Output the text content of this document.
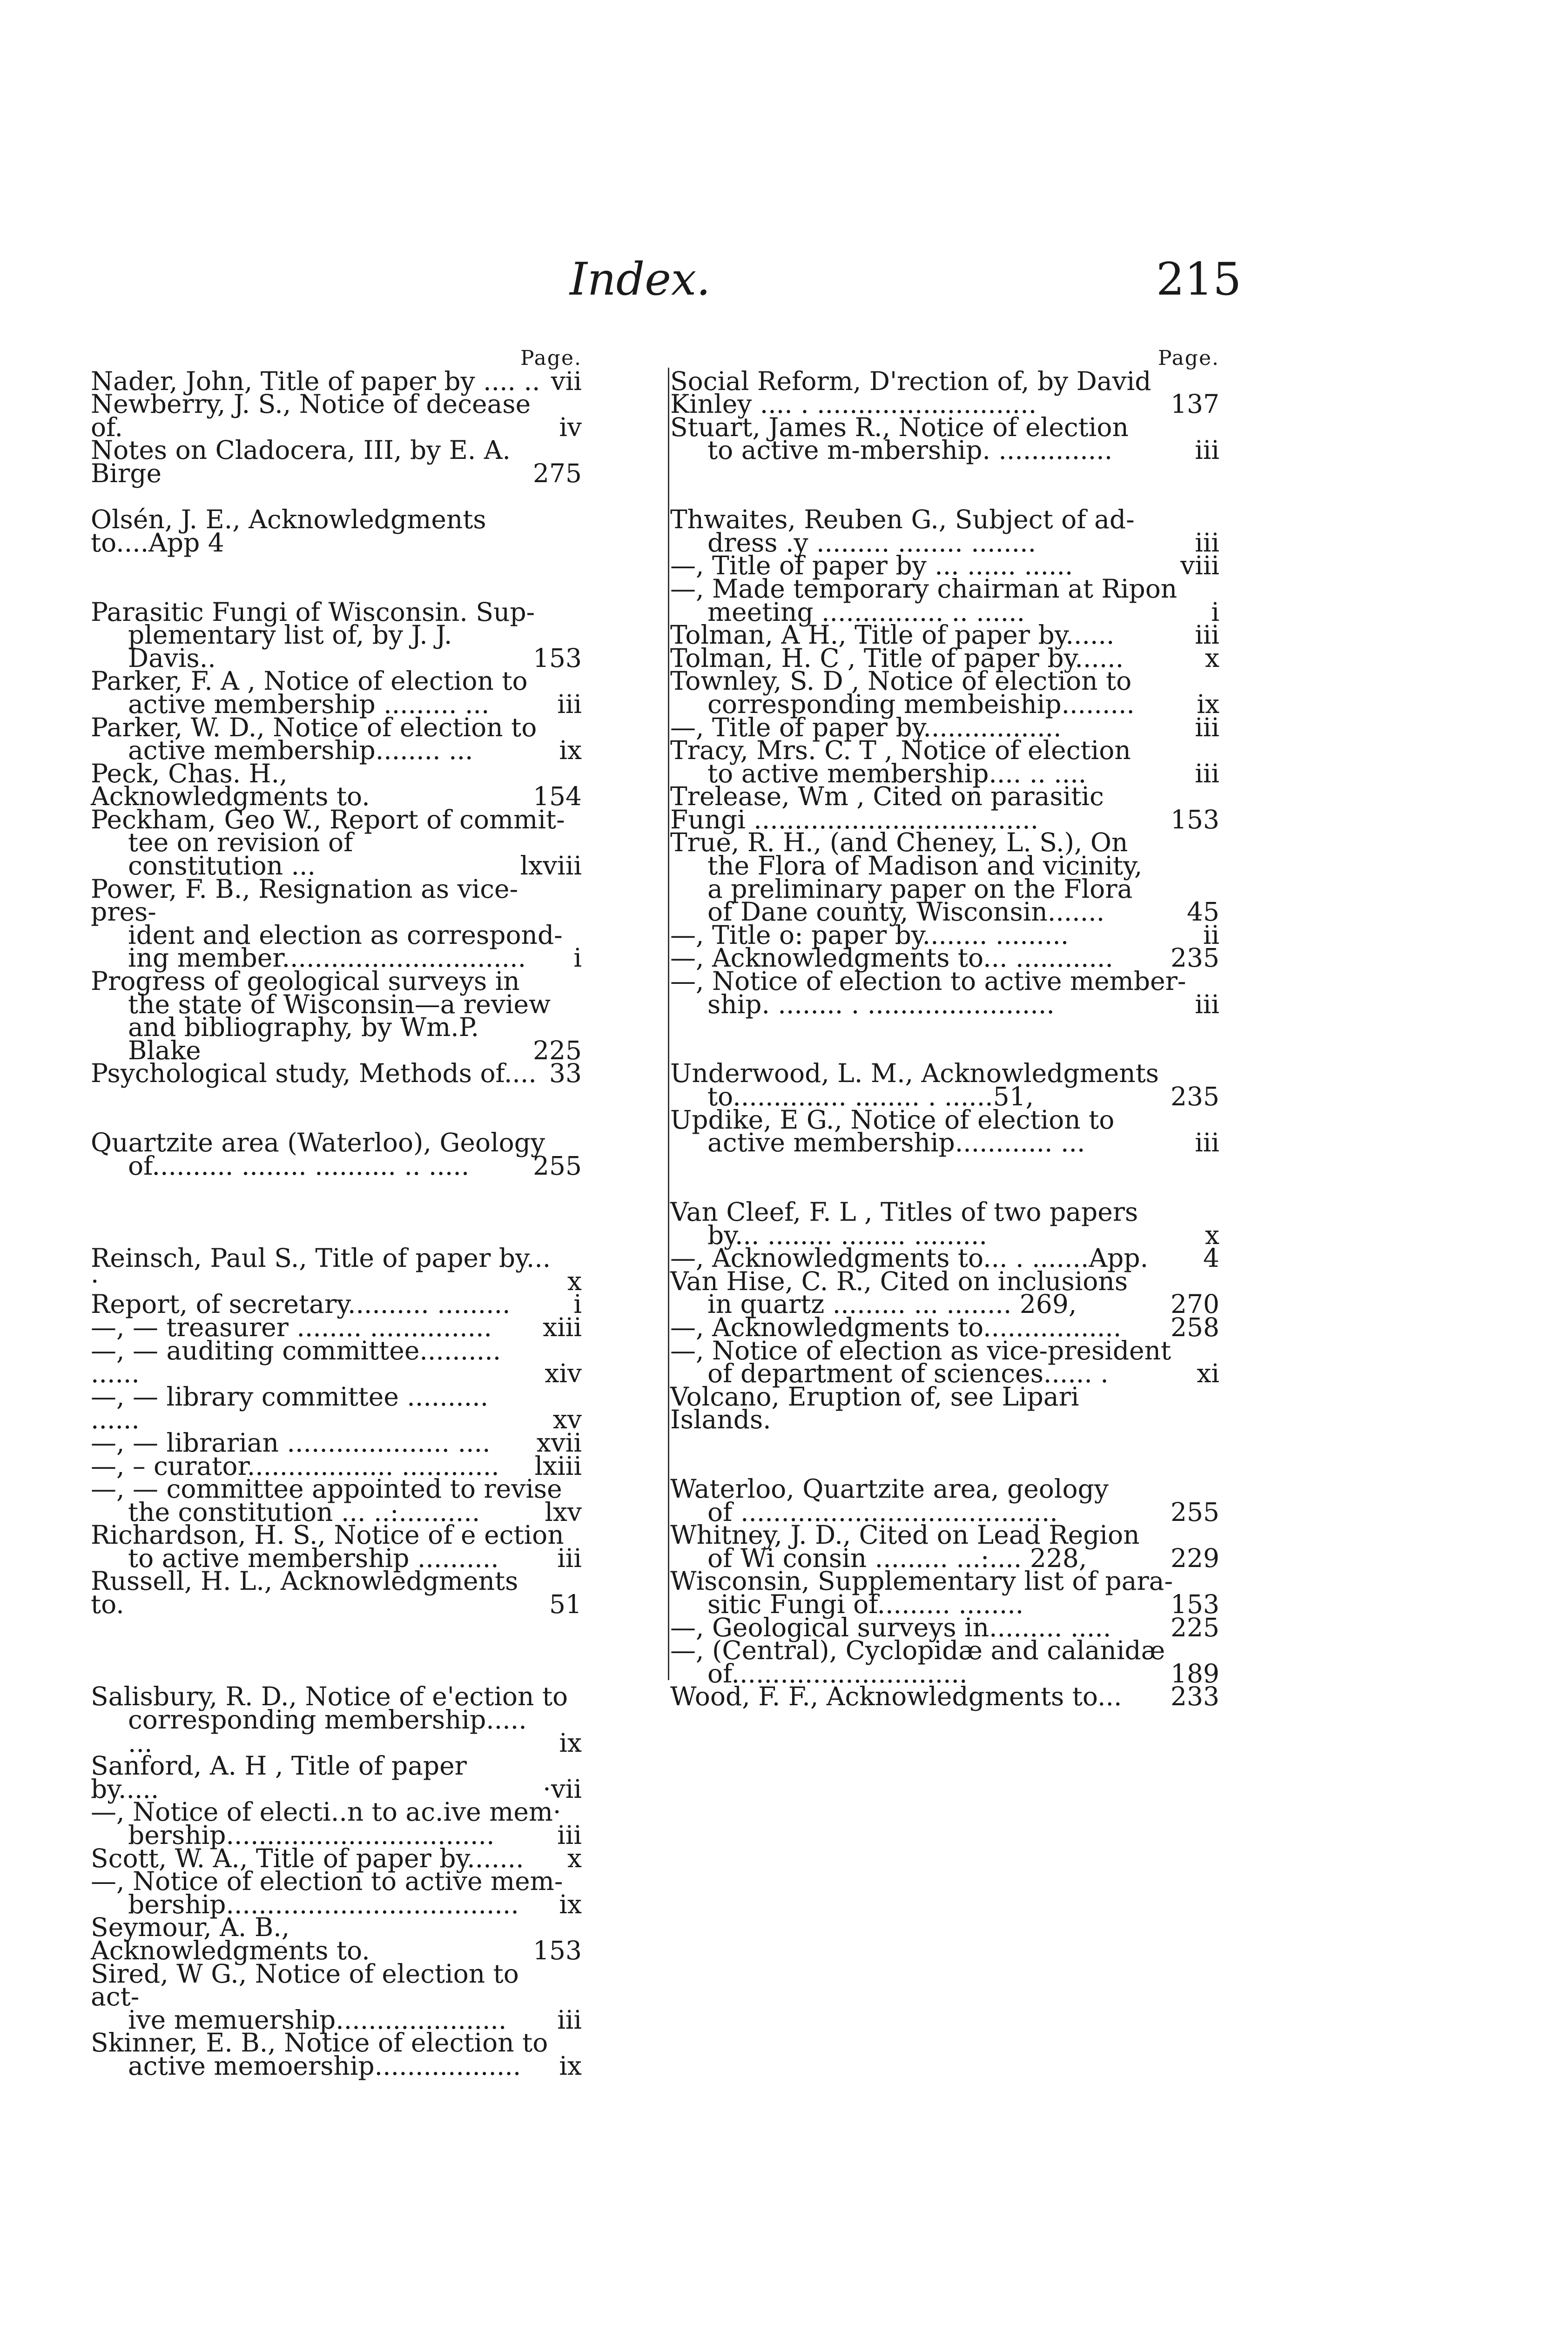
Index.	215
Page.
Nader, John, Title of paper by .... .. vii
Newberry, J. S., Notice of decease of.	iv
Notes on Cladocera, III, by E. A. Birge	275
Olsén, J. E., Acknowledgments to....App 4
Parasitic Fungi of Wisconsin. Sup-
plementary list of, by J. J. Davis..	153
Parker, F. A , Notice of election to
active membership ......... ...	iii
Parker, W. D., Notice of election to
active membership........ ...	ix
Peck, Chas. H., Acknowledgments to.	154
Peckham, Geo W., Report of commit-
tee on revision of constitution ...	lxviii
Power, F. B., Resignation as vice-pres-
ident and election as correspond-
ing member..............................	i
Progress of geological surveys in
the state of Wisconsin—a review
and bibliography, by Wm.P. Blake	225
Psychological study, Methods of.... 33
Quartzite area (Waterloo), Geology
of.......... ........ .......... .. .....	255
Reinsch, Paul S., Title of paper by... ·	x
Report, of secretary.......... .........	i
—, — treasurer ........ ...............	xiii
—, — auditing committee.......... ......	xiv
—, — library committee ..........  ......	xv
—, — librarian .................... ....	xvii
—, – curator.................. ............	lxiii
—, — committee appointed to revise
the constitution ... ..:..........	lxv
Richardson, H. S., Notice of e ection
to active membership ..........	iii
Russell, H. L., Acknowledgments to.	51
Salisbury, R. D., Notice of e'ection to
corresponding membership..... ...	ix
Sanford, A. H , Title of paper by.....	·vii
—, Notice of electi..n to ac.ive mem·
bership.................................	iii
Scott, W. A., Title of paper by.......	x
—, Notice of election to active mem-
bership....................................	ix
Seymour, A. B., Acknowledgments to.	153
Sired, W G., Notice of election to act-
ive memuership.....................	iii
Skinner, E. B., Notice of election to
active memoership..................	ix
Page.
Social Reform, D'rection of, by David
Kinley .... . ...........................	137
Stuart, James R., Notice of election
to active m-mbership. ..............	iii
Thwaites, Reuben G., Subject of ad-
dress .y ......... ........ ........	iii
—, Title of paper by ... ...... ......	viii
—, Made temporary chairman at Ripon
meeting ............... .. ......	i
Tolman, A H., Title of paper by......	iii
Tolman, H. C , Title of paper by......	x
Townley, S. D , Notice of election to
corresponding membeiship.........	ix
—, Title of paper by.................	iii
Tracy, Mrs. C. T , Notice of election
to active membership.... .. ....	iii
Trelease, Wm , Cited on parasitic
Fungi ...................................	153
True, R. H., (and Cheney, L. S.), On
the Flora of Madison and vicinity,
a preliminary paper on the Flora
of Dane county, Wisconsin.......	45
—, Title o: paper by........ .........	ii
—, Acknowledgments to... ............	235
—, Notice of election to active member-
ship. ........ . .......................	iii
Underwood, L. M., Acknowledgments
to.............. ........ . ......51,	235
Updike, E G., Notice of election to
active membership............ ...	iii
Van Cleef, F. L , Titles of two papers
by... ........ ........ .........	x
—, Acknowledgments to... . .......App.	4
Van Hise, C. R., Cited on inclusions
in quartz ......... ... ........ 269,	270
—, Acknowledgments to.................	258
—, Notice of election as vice-president
of department of sciences...... .	xi
Volcano, Eruption of, see Lipari
Islands.
Waterloo, Quartzite area, geology
of .......................................	255
Whitney, J. D., Cited on Lead Region
of Wi consin ......... ...:.... 228,	229
Wisconsin, Supplementary list of para-
sitic Fungi of......... ........	153
—, Geological surveys in......... .....	225
—, (Central), Cyclopidæ and calanidæ
of.............................	189
Wood, F. F., Acknowledgments to...	233
